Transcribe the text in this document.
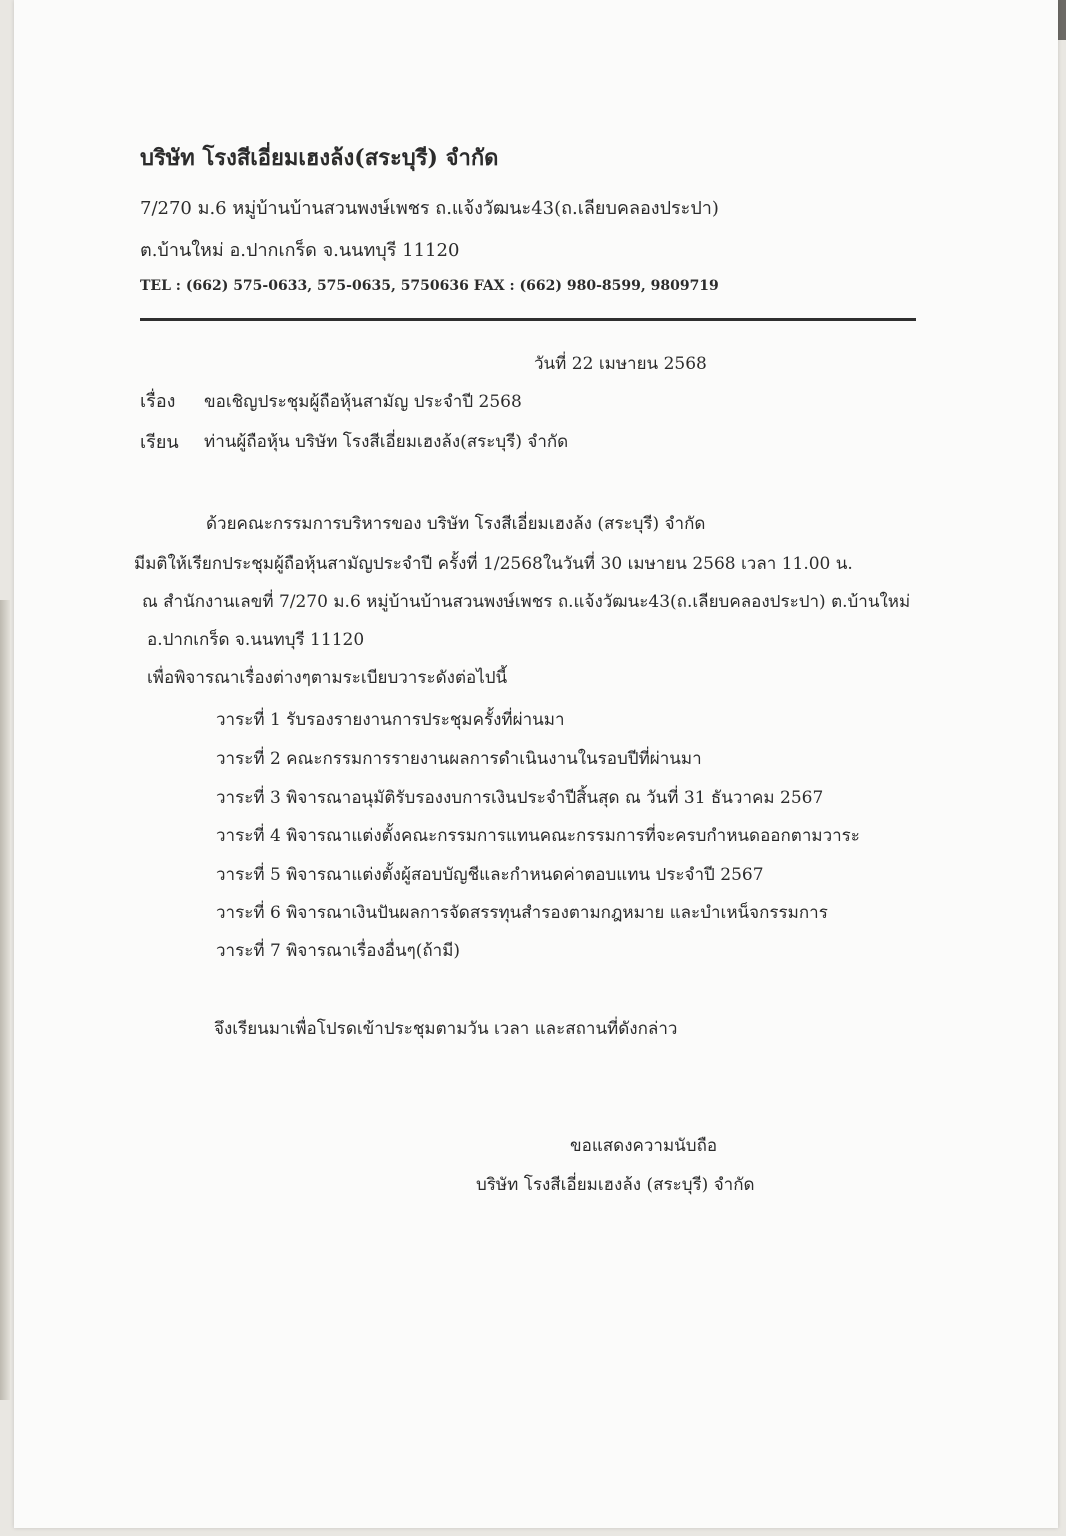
บริษัท โรงสีเอี่ยมเฮงล้ง(สระบุรี) จำกัด
7/270 ม.6 หมู่บ้านบ้านสวนพงษ์เพชร ถ.แจ้งวัฒนะ43(ถ.เลียบคลองประปา)
ต.บ้านใหม่ อ.ปากเกร็ด จ.นนทบุรี 11120
TEL : (662) 575-0633, 575-0635, 5750636 FAX : (662) 980-8599, 9809719
วันที่ 22 เมษายน 2568
เรื่อง ขอเชิญประชุมผู้ถือหุ้นสามัญ ประจำปี 2568
เรียน ท่านผู้ถือหุ้น บริษัท โรงสีเอี่ยมเฮงล้ง(สระบุรี) จำกัด
ด้วยคณะกรรมการบริหารของ บริษัท โรงสีเอี่ยมเฮงล้ง (สระบุรี) จำกัด
มีมติให้เรียกประชุมผู้ถือหุ้นสามัญประจำปี ครั้งที่ 1/2568ในวันที่ 30 เมษายน 2568 เวลา 11.00 น.
ณ สำนักงานเลขที่ 7/270 ม.6 หมู่บ้านบ้านสวนพงษ์เพชร ถ.แจ้งวัฒนะ43(ถ.เลียบคลองประปา) ต.บ้านใหม่
อ.ปากเกร็ด จ.นนทบุรี 11120
เพื่อพิจารณาเรื่องต่างๆตามระเบียบวาระดังต่อไปนี้
วาระที่ 1 รับรองรายงานการประชุมครั้งที่ผ่านมา
วาระที่ 2 คณะกรรมการรายงานผลการดำเนินงานในรอบปีที่ผ่านมา
วาระที่ 3 พิจารณาอนุมัติรับรองงบการเงินประจำปีสิ้นสุด ณ วันที่ 31 ธันวาคม 2567
วาระที่ 4 พิจารณาแต่งตั้งคณะกรรมการแทนคณะกรรมการที่จะครบกำหนดออกตามวาระ
วาระที่ 5 พิจารณาแต่งตั้งผู้สอบบัญชีและกำหนดค่าตอบแทน ประจำปี 2567
วาระที่ 6 พิจารณาเงินปันผลการจัดสรรทุนสำรองตามกฎหมาย และบำเหน็จกรรมการ
วาระที่ 7 พิจารณาเรื่องอื่นๆ(ถ้ามี)
จึงเรียนมาเพื่อโปรดเข้าประชุมตามวัน เวลา และสถานที่ดังกล่าว
ขอแสดงความนับถือ
บริษัท โรงสีเอี่ยมเฮงล้ง (สระบุรี) จำกัด
